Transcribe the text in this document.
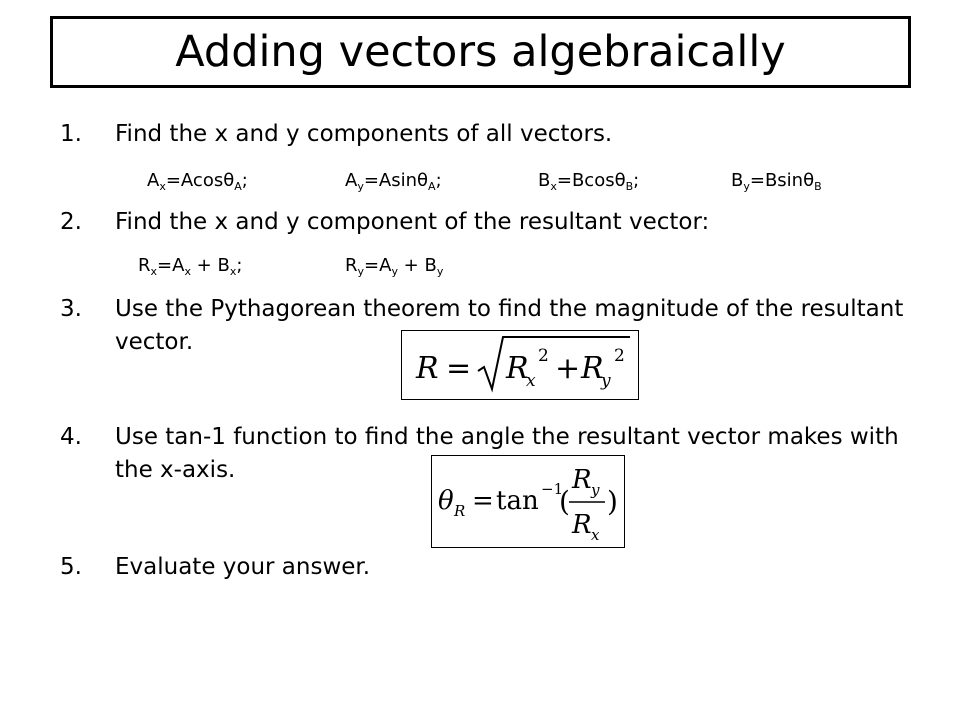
Adding vectors algebraically
1. Find the x and y components of all vectors.
$A_x=Acos\theta_A$;	$A_y=Asin\theta_A$;	$B_x=Bcos\theta_B$;	$B_y=Bsin\theta_B$
2. Find the x and y component of the resultant vector:
$R_x=A_x + B_x$;	$R_y=A_y + B_y$
3. Use the Pythagorean theorem to find the magnitude of the resultant vector.
R = R
x
2 + R
y
2
4. Use tan-1 function to find the angle the resultant vector makes with the x-axis.
θ R = tan −1
(
R y
R x
)
5. Evaluate your answer.
